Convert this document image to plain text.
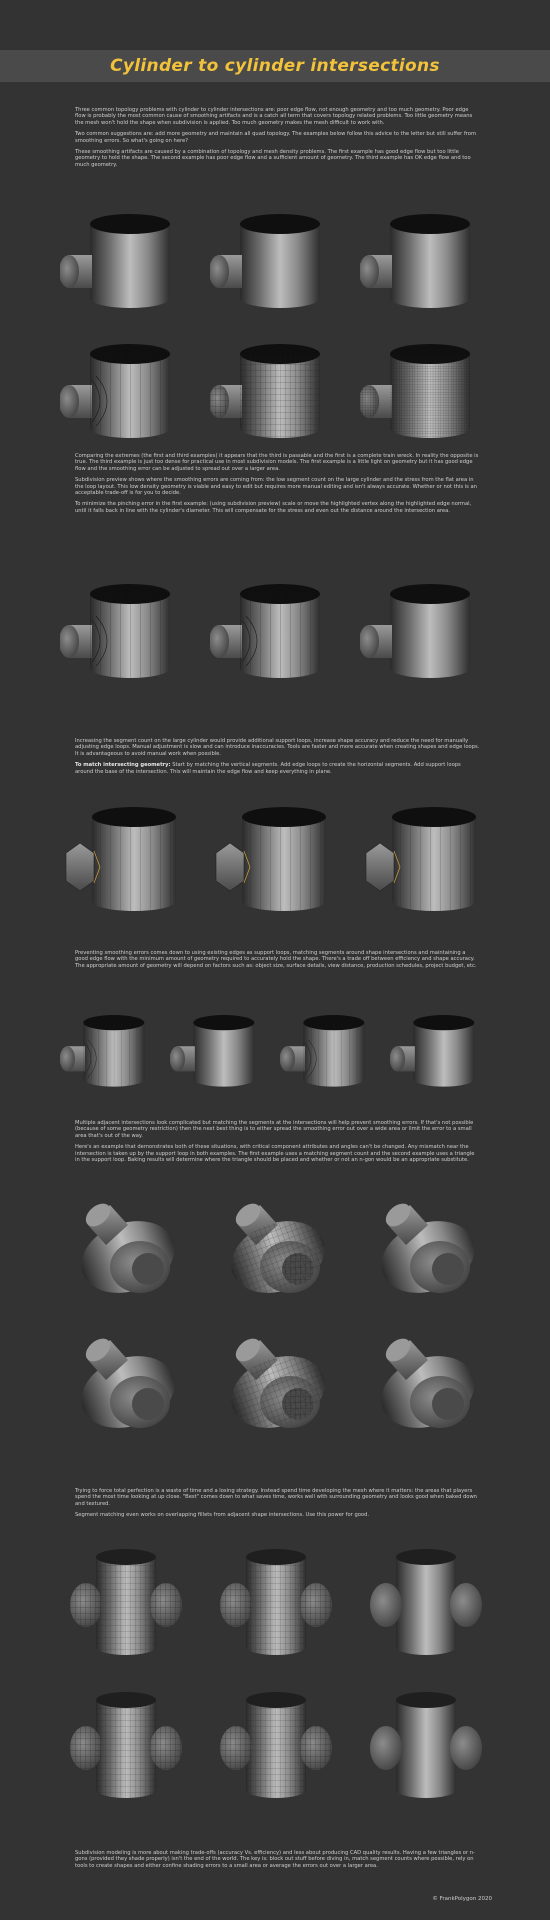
Cylinder to cylinder intersections

Three common topology problems with cylinder to cylinder intersections are: poor edge flow, not enough geometry and too much geometry. Poor edge flow is probably the most common cause of smoothing artifacts and is a catch all term that covers topology related problems. Too little geometry means the mesh won't hold the shape when subdivision is applied. Too much geometry makes the mesh difficult to work with.

Two common suggestions are: add more geometry and maintain all quad topology. The examples below follow this advice to the letter but still suffer from smoothing errors. So what's going on here?

These smoothing artifacts are caused by a combination of topology and mesh density problems. The first example has good edge flow but too little geometry to hold the shape. The second example has poor edge flow and a sufficient amount of geometry. The third example has OK edge flow and too much geometry.

Comparing the extremes (the first and third examples) it appears that the third is passable and the first is a complete train wreck. In reality the opposite is true. The third example is just too dense for practical use in most subdivision models. The first example is a little light on geometry but it has good edge flow and the smoothing error can be adjusted to spread out over a larger area.

Subdivision preview shows where the smoothing errors are coming from: the low segment count on the large cylinder and the stress from the flat area in the loop layout. This low density geometry is viable and easy to edit but requires more manual editing and isn't always accurate. Whether or not this is an acceptable trade-off is for you to decide.

To minimize the pinching error in the first example: (using subdivision preview) scale or move the highlighted vertex along the highlighted edge normal, until it falls back in line with the cylinder's diameter. This will compensate for the stress and even out the distance around the intersection area.

Increasing the segment count on the large cylinder would provide additional support loops, increase shape accuracy and reduce the need for manually adjusting edge loops. Manual adjustment is slow and can introduce inaccuracies. Tools are faster and more accurate when creating shapes and edge loops. It is advantageous to avoid manual work when possible.

To match intersecting geometry: Start by matching the vertical segments. Add edge loops to create the horizontal segments. Add support loops around the base of the intersection. This will maintain the edge flow and keep everything in plane.

Preventing smoothing errors comes down to using existing edges as support loops, matching segments around shape intersections and maintaining a good edge flow with the minimum amount of geometry required to accurately hold the shape. There's a trade off between efficiency and shape accuracy. The appropriate amount of geometry will depend on factors such as: object size, surface details, view distance, production schedules, project budget, etc.

Multiple adjacent intersections look complicated but matching the segments at the intersections will help prevent smoothing errors. If that's not possible (because of some geometry restriction) then the next best thing is to either spread the smoothing error out over a wide area or limit the error to a small area that's out of the way.

Here's an example that demonstrates both of these situations, with critical component attributes and angles can't be changed. Any mismatch near the intersection is taken up by the support loop in both examples. The first example uses a matching segment count and the second example uses a triangle in the support loop. Baking results will determine where the triangle should be placed and whether or not an n-gon would be an appropriate substitute.

Trying to force total perfection is a waste of time and a losing strategy. Instead spend time developing the mesh where it matters: the areas that players spend the most time looking at up close. "Best" comes down to what saves time, works well with surrounding geometry and looks good when baked down and textured.

Segment matching even works on overlapping fillets from adjacent shape intersections. Use this power for good.

Subdivision modeling is more about making trade-offs (accuracy Vs. efficiency) and less about producing CAD quality results. Having a few triangles or n-gons (provided they shade properly) isn't the end of the world. The key is: block out stuff before diving in, match segment counts where possible, rely on tools to create shapes and either confine shading errors to a small area or average the errors out over a larger area.

© FrankPolygon 2020
